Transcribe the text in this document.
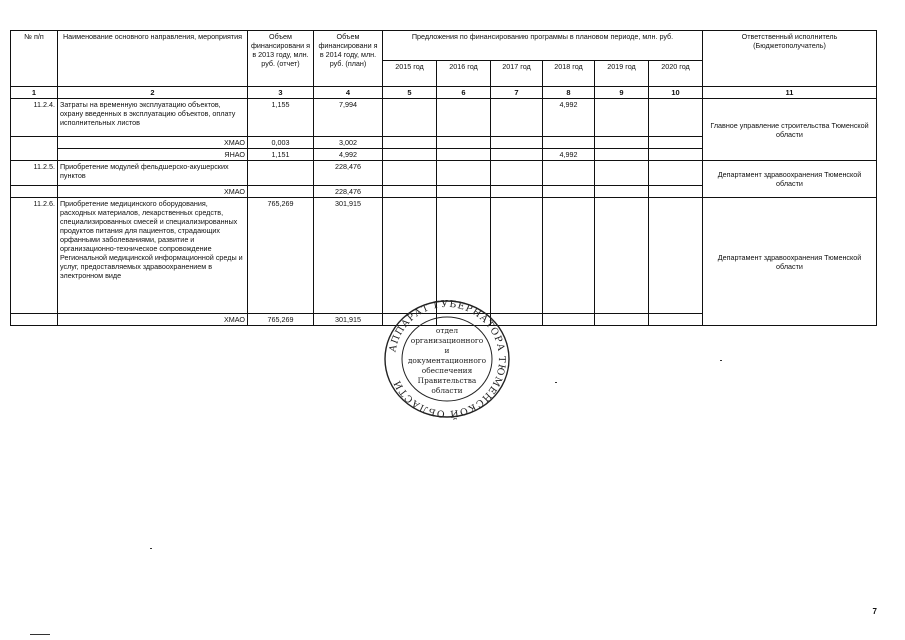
№ п/п	Наименование основного направления, мероприятия	Объем финансировани я в 2013 году, млн. руб. (отчет)	Объем финансировани я в 2014 году, млн. руб. (план)	Предложения по финансированию программы в плановом периоде, млн. руб.						Ответственный исполнитель (Бюджетополучатель)
				2015 год	2016 год	2017 год	2018 год	2019 год	2020 год	
1	2	3	4	5	6	7	8	9	10	11
11.2.4.	Затраты на временную эксплуатацию объектов, охрану введенных в эксплуатацию объектов, оплату исполнительных листов	1,155	7,994				4,992			Главное управление строительства Тюменской области

	ХМАО	0,003	3,002							
	ЯНАО	1,151	4,992				4,992			
11.2.5.	Приобретение модулей фельдшерско-акушерских пунктов		228,476							Департамент здравоохранения Тюменской области

	ХМАО		228,476							
11.2.6.	Приобретение медицинского оборудования, расходных материалов, лекарственных средств, специализированных смесей и специализированных продуктов питания для пациентов, страдающих орфанными заболеваниями, развитие и организационно-техническое сопровождение Региональной медицинской информационной среды и услуг, предоставляемых здравоохранением в электронном виде	765,269	301,915							Департамент здравоохранения Тюменской области

	ХМАО	765,269	301,915							
АППАРАТ ГУБЕРНАТОРА ТЮМЕНСКОЙ ОБЛАСТИ
отдел
организационного
и
документационного
обеспечения
Правительства
области
7
